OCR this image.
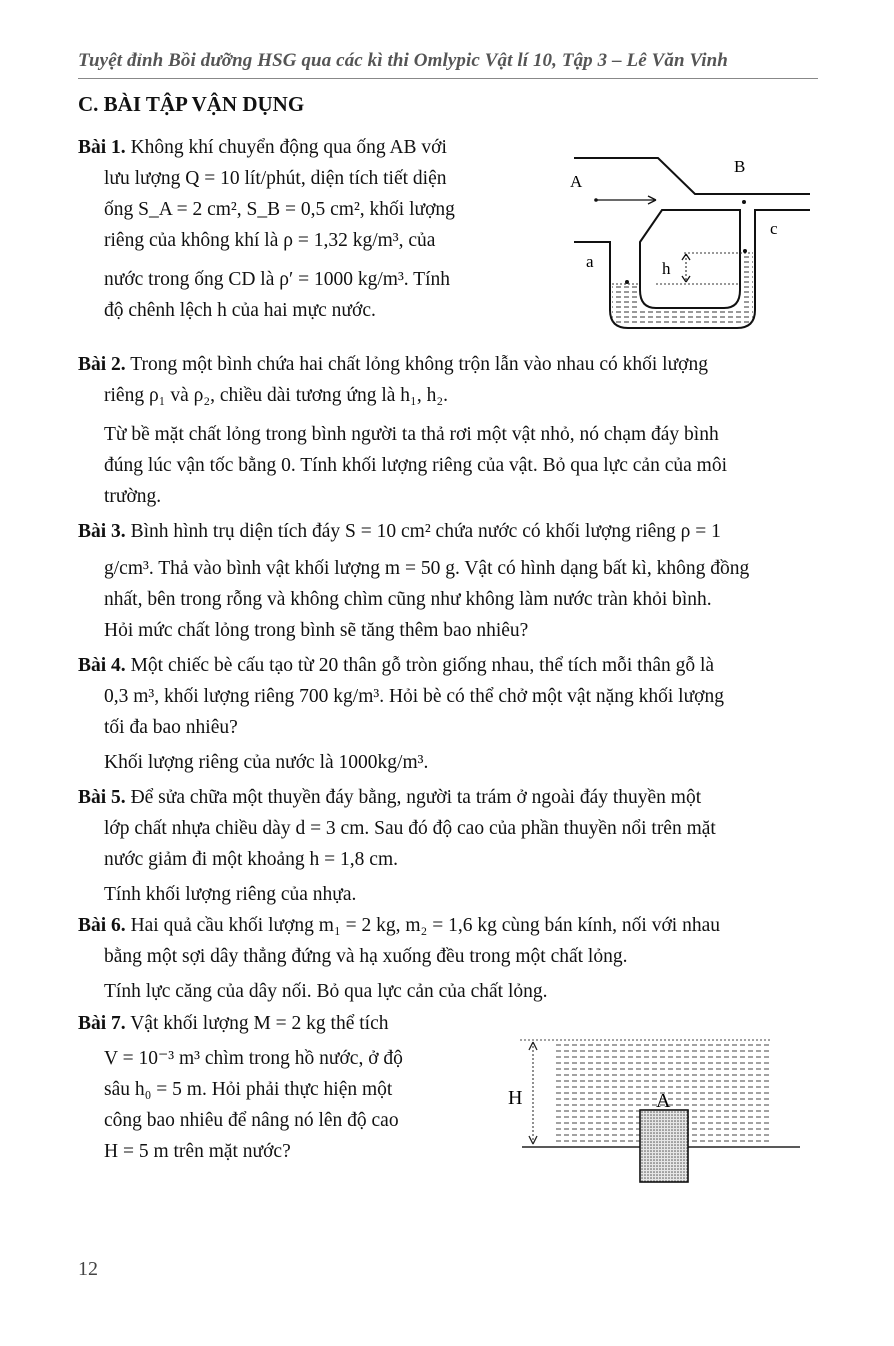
Tuyệt đỉnh Bồi dưỡng HSG qua các kì thi Omlypic Vật lí 10, Tập 3 – Lê Văn Vinh
C. BÀI TẬP VẬN DỤNG

Bài 1. Không khí chuyển động qua ống AB với

lưu lượng Q = 10 lít/phút, diện tích tiết diện

ống S_A = 2 cm², S_B = 0,5 cm², khối lượng

riêng của không khí là ρ = 1,32 kg/m³, của

nước trong ống CD là ρ′ = 1000 kg/m³. Tính

độ chênh lệch h của hai mực nước.

A
B
c
a	h

Bài 2. Trong một bình chứa hai chất lỏng không trộn lẫn vào nhau có khối lượng

riêng ρ₁ và ρ₂, chiều dài tương ứng là h₁, h₂.

Từ bề mặt chất lỏng trong bình người ta thả rơi một vật nhỏ, nó chạm đáy bình

đúng lúc vận tốc bằng 0. Tính khối lượng riêng của vật. Bỏ qua lực cản của môi

trường.

Bài 3. Bình hình trụ diện tích đáy S = 10 cm² chứa nước có khối lượng riêng ρ = 1

g/cm³. Thả vào bình vật khối lượng m = 50 g. Vật có hình dạng bất kì, không đồng

nhất, bên trong rỗng và không chìm cũng như không làm nước tràn khỏi bình.

Hỏi mức chất lỏng trong bình sẽ tăng thêm bao nhiêu?

Bài 4. Một chiếc bè cấu tạo từ 20 thân gỗ tròn giống nhau, thể tích mỗi thân gỗ là

0,3 m³, khối lượng riêng 700 kg/m³. Hỏi bè có thể chở một vật nặng khối lượng

tối đa bao nhiêu?

Khối lượng riêng của nước là 1000kg/m³.

Bài 5. Để sửa chữa một thuyền đáy bằng, người ta trám ở ngoài đáy thuyền một

lớp chất nhựa chiều dày d = 3 cm. Sau đó độ cao của phần thuyền nổi trên mặt

nước giảm đi một khoảng h = 1,8 cm.

Tính khối lượng riêng của nhựa.

Bài 6. Hai quả cầu khối lượng m₁ = 2 kg, m₂ = 1,6 kg cùng bán kính, nối với nhau

bằng một sợi dây thẳng đứng và hạ xuống đều trong một chất lỏng.

Tính lực căng của dây nối. Bỏ qua lực cản của chất lỏng.

Bài 7. Vật khối lượng M = 2 kg thể tích

V = 10⁻³ m³ chìm trong hồ nước, ở độ

sâu h₀ = 5 m. Hỏi phải thực hiện một

công bao nhiêu để nâng nó lên độ cao

H = 5 m trên mặt nước?

H	A
12
